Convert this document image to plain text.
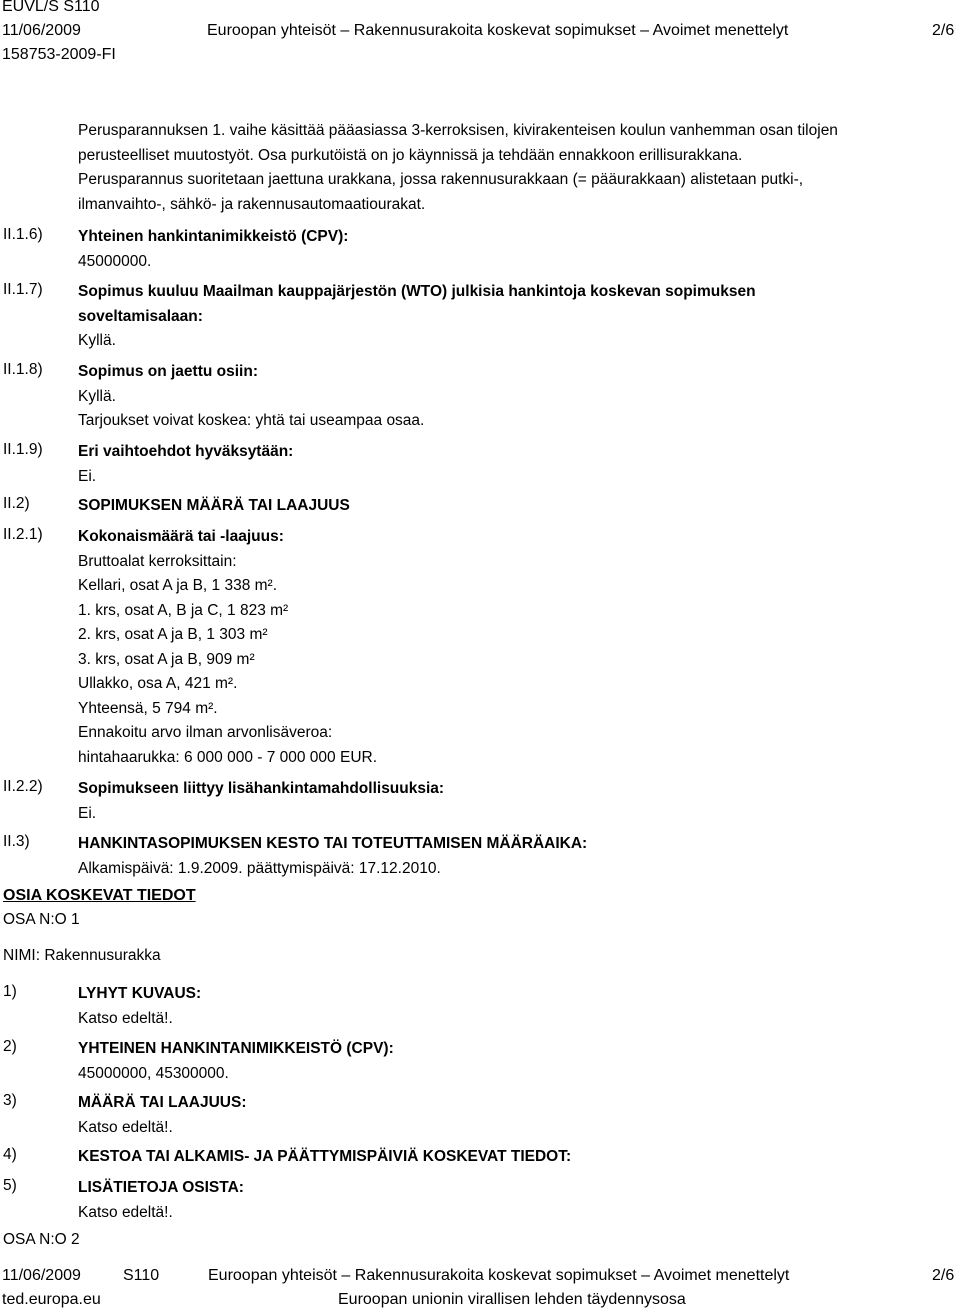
EUVL/S S110
11/06/2009	Euroopan yhteisöt – Rakennusurakoita koskevat sopimukset – Avoimet menettelyt	2/6
158753-2009-FI
Perusparannuksen 1. vaihe käsittää pääasiassa 3-kerroksisen, kivirakenteisen koulun vanhemman osan tilojen
perusteelliset muutostyöt. Osa purkutöistä on jo käynnissä ja tehdään ennakkoon erillisurakkana.
Perusparannus suoritetaan jaettuna urakkana, jossa rakennusurakkaan (= pääurakkaan) alistetaan putki-,
ilmanvaihto-, sähkö- ja rakennusautomaatiourakat.
II.1.6) Yhteinen hankintanimikkeistö (CPV):
45000000.
II.1.7) Sopimus kuuluu Maailman kauppajärjestön (WTO) julkisia hankintoja koskevan sopimuksen
soveltamisalaan:
Kyllä.
II.1.8) Sopimus on jaettu osiin:
Kyllä.
Tarjoukset voivat koskea: yhtä tai useampaa osaa.
II.1.9) Eri vaihtoehdot hyväksytään:
Ei.
II.2)	SOPIMUKSEN MÄÄRÄ TAI LAAJUUS
II.2.1) Kokonaismäärä tai -laajuus:
Bruttoalat kerroksittain:
Kellari, osat A ja B, 1 338 m².
1. krs, osat A, B ja C, 1 823 m²
2. krs, osat A ja B, 1 303 m²
3. krs, osat A ja B, 909 m²
Ullakko, osa A, 421 m².
Yhteensä, 5 794 m².
Ennakoitu arvo ilman arvonlisäveroa:
hintahaarukka: 6 000 000 - 7 000 000 EUR.
II.2.2) Sopimukseen liittyy lisähankintamahdollisuuksia:
Ei.
II.3)	HANKINTASOPIMUKSEN KESTO TAI TOTEUTTAMISEN MÄÄRÄAIKA:
Alkamispäivä: 1.9.2009. päättymispäivä: 17.12.2010.
OSIA KOSKEVAT TIEDOT
OSA N:O 1
NIMI: Rakennusurakka
1)	LYHYT KUVAUS:
Katso edeltä!.
2)	YHTEINEN HANKINTANIMIKKEISTÖ (CPV):
45000000, 45300000.
3)	MÄÄRÄ TAI LAAJUUS:
Katso edeltä!.
4)	KESTOA TAI ALKAMIS- JA PÄÄTTYMISPÄIVIÄ KOSKEVAT TIEDOT:
5)	LISÄTIETOJA OSISTA:
Katso edeltä!.
OSA N:O 2
11/06/2009	S110	Euroopan yhteisöt – Rakennusurakoita koskevat sopimukset – Avoimet menettelyt	2/6
ted.europa.eu	Euroopan unionin virallisen lehden täydennysosa
